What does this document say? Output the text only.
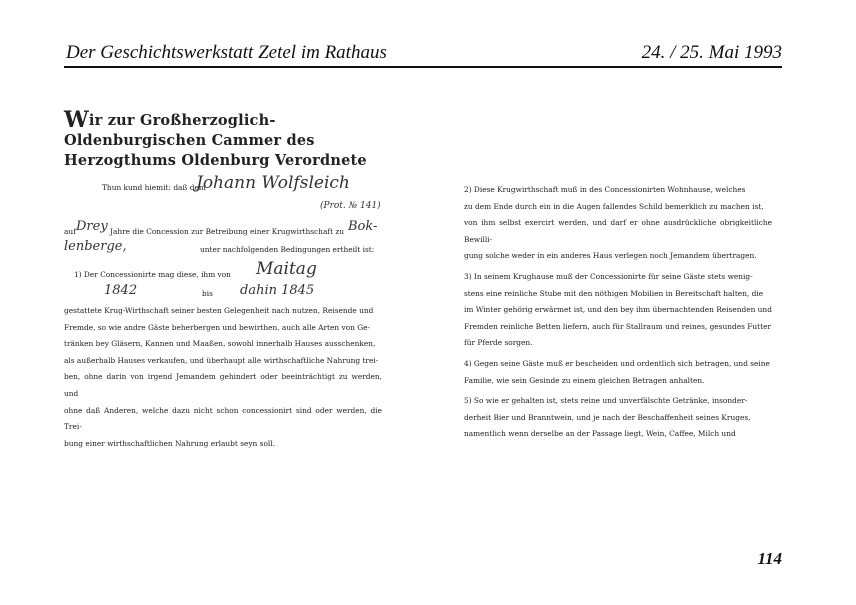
Der Geschichtswerkstatt Zetel im Rathaus	24. / 25. Mai 1993
Wir zur Großherzoglich-Oldenburgischen Cammer des
Herzogthums Oldenburg Verordnete
Thun kund hiemit: daß dem
Johann Wolfsleich
(Prot. № 141)
auf Drey Jahre die Concession zur Betreibung einer Krugwirthschaft zu Bok-
lenberge,	unter nachfolgenden Bedingungen ertheilt ist:
1) Der Concessionirte mag diese, ihm von Maitag
1842	bis dahin 1845

gestattete Krug-Wirthschaft seiner besten Gelegenheit nach nutzen, Reisende und

Fremde, so wie andre Gäste beherbergen und bewirthen, auch alle Arten von Ge-

tränken bey Gläsern, Kannen und Maaßen, sowohl innerhalb Hauses ausschenken,

als außerhalb Hauses verkaufen, und überhaupt alle wirthschaftliche Nahrung trei-

ben, ohne darin von irgend Jemandem gehindert oder beeinträchtigt zu werden, und

ohne daß Anderen, welche dazu nicht schon concessionirt sind oder werden, die Trei-

bung einer wirthschaftlichen Nahrung erlaubt seyn soll.

2) Diese Krugwirthschaft muß in des Concessionirten Wohnhause, welches

zu dem Ende durch ein in die Augen fallendes Schild bemerklich zu machen ist,

von ihm selbst exercirt werden, und darf er ohne ausdrückliche obrigkeitliche Bewilli-

gung solche weder in ein anderes Haus verlegen noch Jemandem übertragen.

3) In seinem Krughause muß der Concessionirte für seine Gäste stets wenig-

stens eine reinliche Stube mit den nöthigen Mobilien in Bereitschaft halten, die

im Winter gehörig erwärmet ist, und den bey ihm übernachtenden Reisenden und

Fremden reinliche Betten liefern, auch für Stallraum und reines, gesundes Futter

für Pferde sorgen.

4) Gegen seine Gäste muß er bescheiden und ordentlich sich betragen, und seine

Familie, wie sein Gesinde zu einem gleichen Betragen anhalten.

5) So wie er gehalten ist, stets reine und unverfälschte Getränke, insonder-

derheit Bier und Branntwein, und je nach der Beschaffenheit seines Kruges,

namentlich wenn derselbe an der Passage liegt, Wein, Caffee, Milch und

114
